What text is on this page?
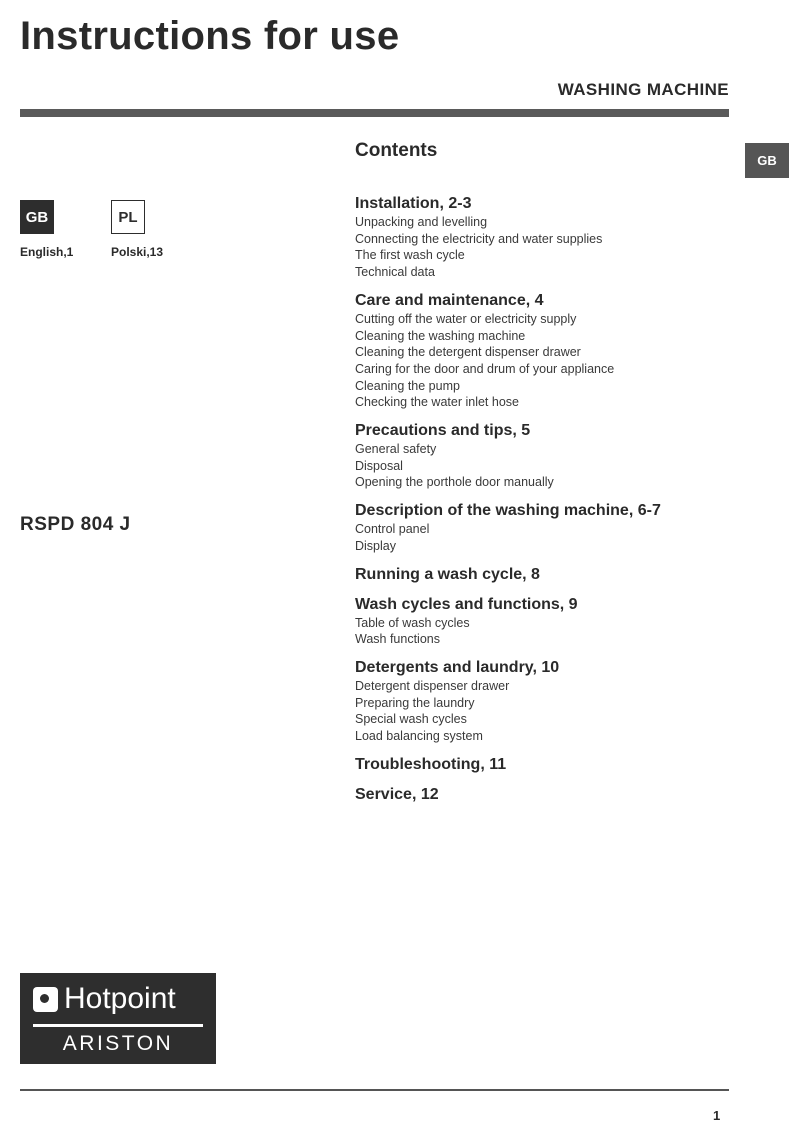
Instructions for use
WASHING MACHINE
GB
GB
English,1
PL
Polski,13
RSPD 804 J
Contents
Installation, 2-3
Unpacking and levelling
Connecting the electricity and water supplies
The first wash cycle
Technical data
Care and maintenance, 4
Cutting off the water or electricity supply
Cleaning the washing machine
Cleaning the detergent dispenser drawer
Caring for the door and drum of your appliance
Cleaning the pump
Checking the water inlet hose
Precautions and tips, 5
General safety
Disposal
Opening the porthole door manually
Description of the washing machine, 6-7
Control panel
Display
Running a wash cycle, 8
Wash cycles and functions, 9
Table of wash cycles
Wash functions
Detergents and laundry, 10
Detergent dispenser drawer
Preparing the laundry
Special wash cycles
Load balancing system
Troubleshooting, 11
Service, 12
Hotpoint
ARISTON
1
